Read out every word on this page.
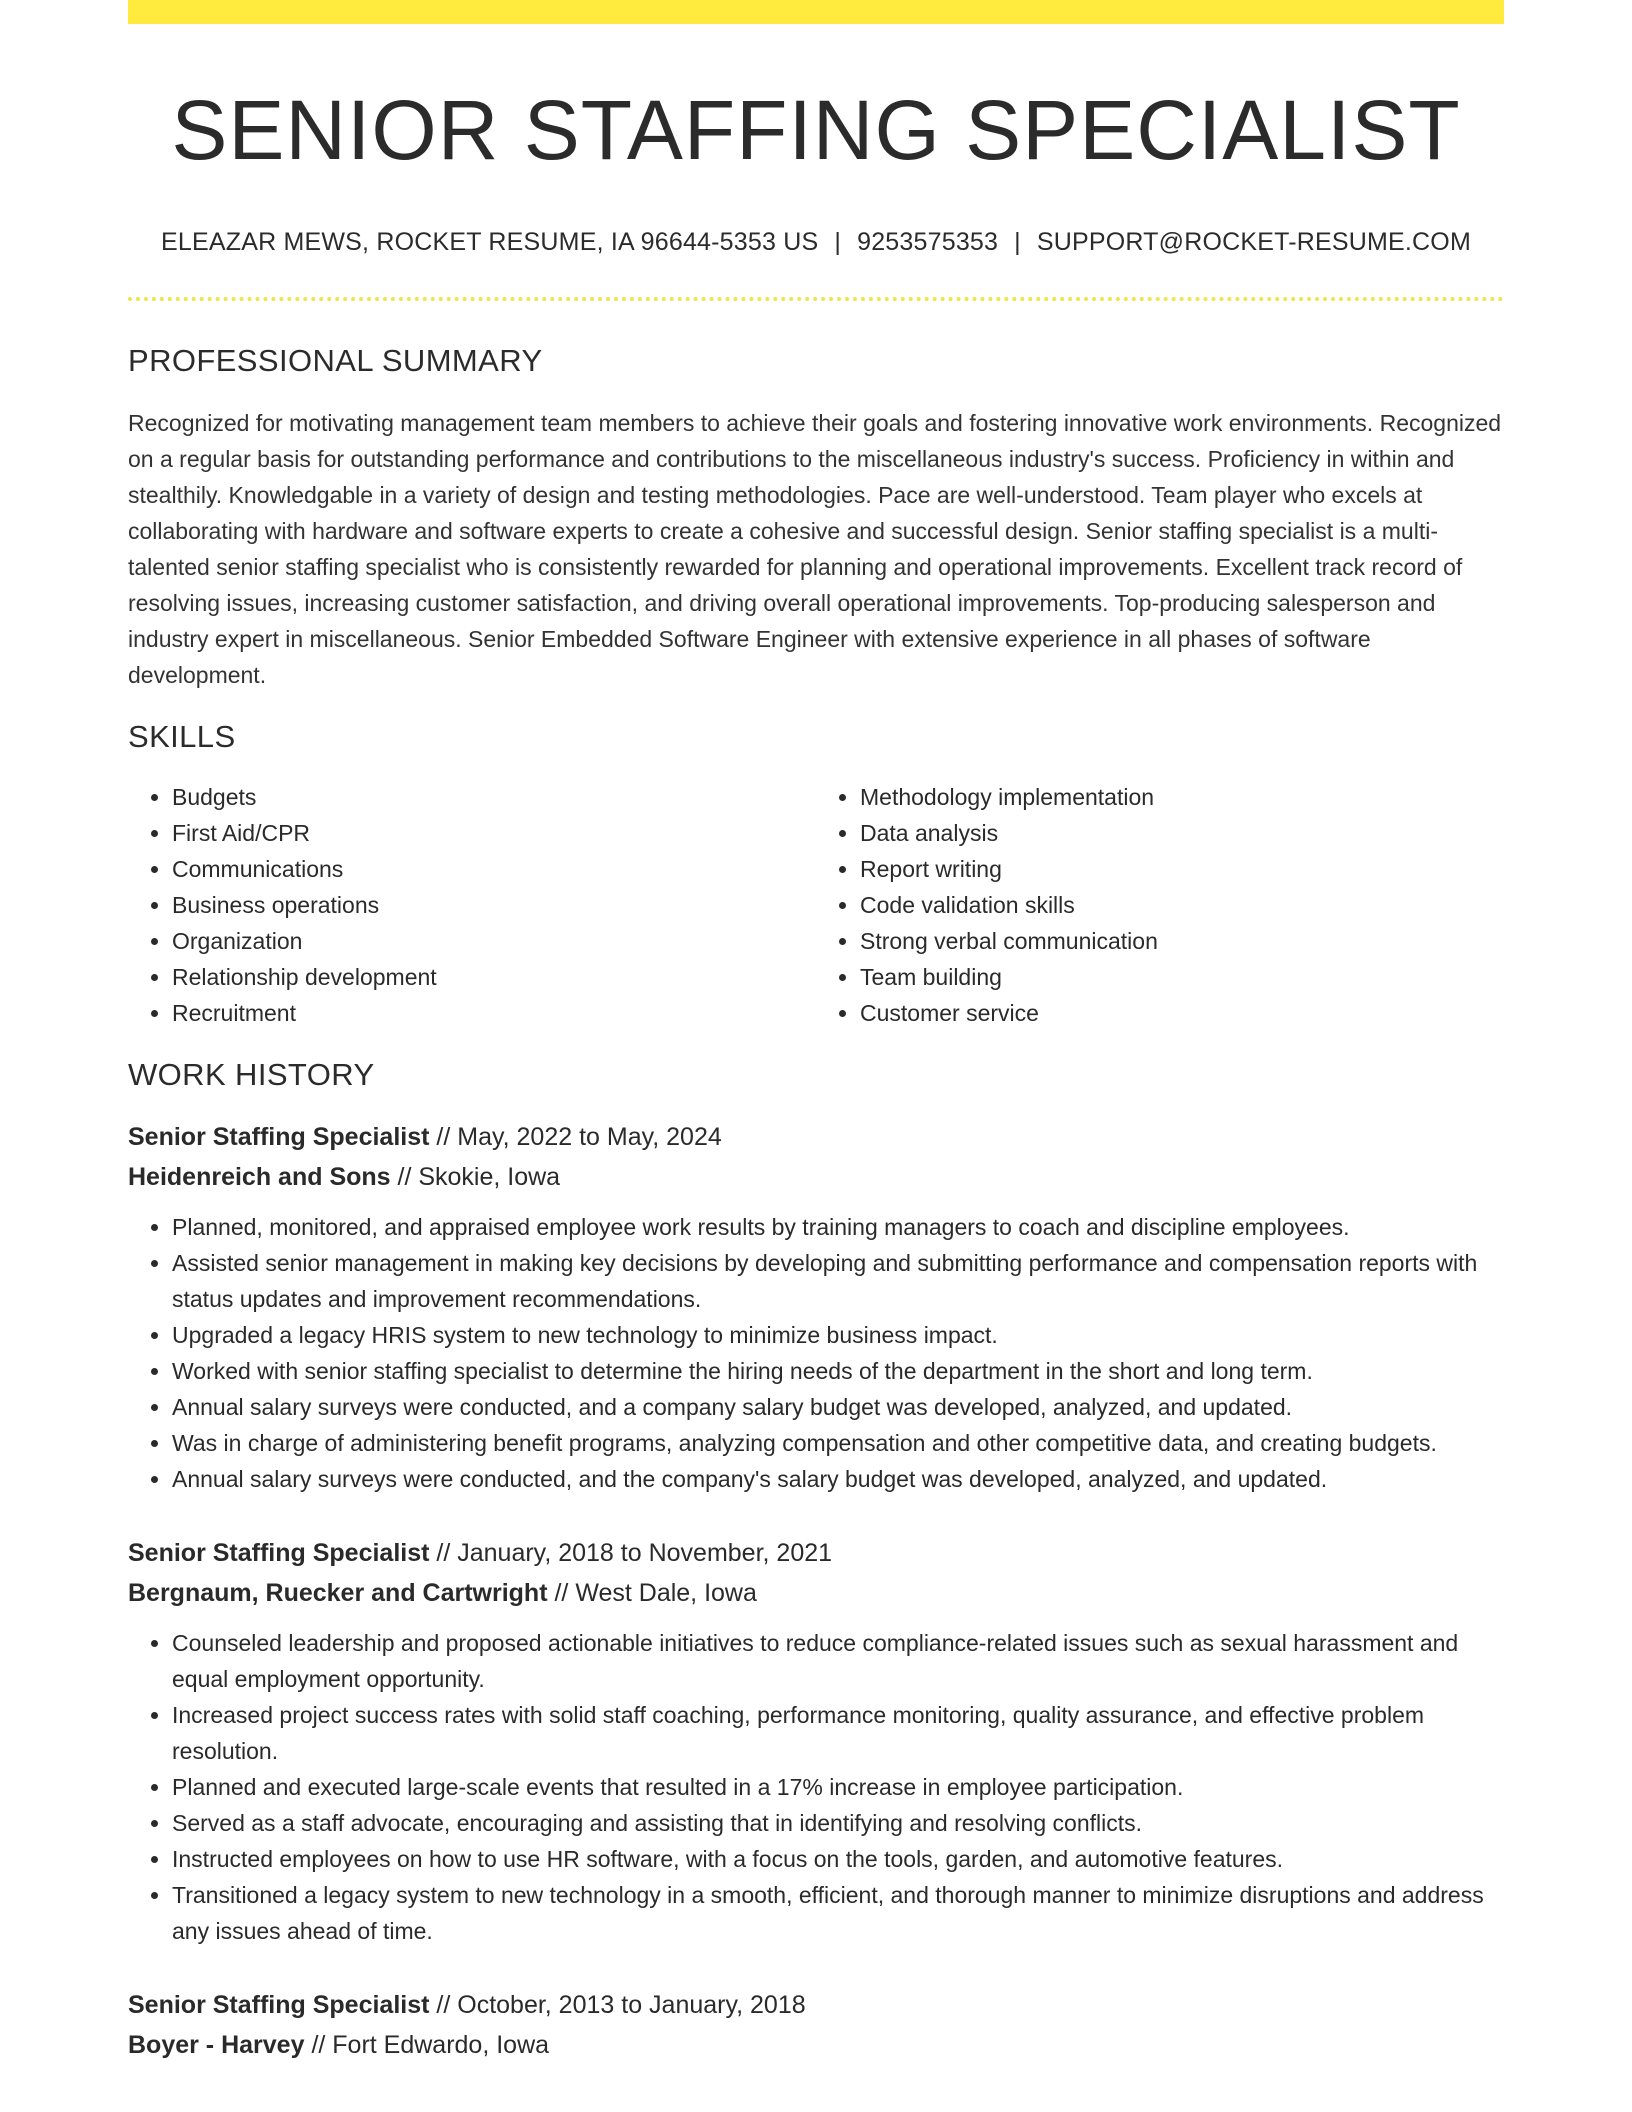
SENIOR STAFFING SPECIALIST
ELEAZAR MEWS, ROCKET RESUME, IA 96644-5353 US | 9253575353 | SUPPORT@ROCKET-RESUME.COM
PROFESSIONAL SUMMARY
Recognized for motivating management team members to achieve their goals and fostering innovative work environments. Recognized on a regular basis for outstanding performance and contributions to the miscellaneous industry's success. Proficiency in within and stealthily. Knowledgable in a variety of design and testing methodologies. Pace are well-understood. Team player who excels at collaborating with hardware and software experts to create a cohesive and successful design. Senior staffing specialist is a multi-talented senior staffing specialist who is consistently rewarded for planning and operational improvements. Excellent track record of resolving issues, increasing customer satisfaction, and driving overall operational improvements. Top-producing salesperson and industry expert in miscellaneous. Senior Embedded Software Engineer with extensive experience in all phases of software development.
SKILLS
• Budgets
• First Aid/CPR
• Communications
• Business operations
• Organization
• Relationship development
• Recruitment
• Methodology implementation
• Data analysis
• Report writing
• Code validation skills
• Strong verbal communication
• Team building
• Customer service
WORK HISTORY
Senior Staffing Specialist // May, 2022 to May, 2024
Heidenreich and Sons // Skokie, Iowa
• Planned, monitored, and appraised employee work results by training managers to coach and discipline employees.
• Assisted senior management in making key decisions by developing and submitting performance and compensation reports with status updates and improvement recommendations.
• Upgraded a legacy HRIS system to new technology to minimize business impact.
• Worked with senior staffing specialist to determine the hiring needs of the department in the short and long term.
• Annual salary surveys were conducted, and a company salary budget was developed, analyzed, and updated.
• Was in charge of administering benefit programs, analyzing compensation and other competitive data, and creating budgets.
• Annual salary surveys were conducted, and the company's salary budget was developed, analyzed, and updated.
Senior Staffing Specialist // January, 2018 to November, 2021
Bergnaum, Ruecker and Cartwright // West Dale, Iowa
• Counseled leadership and proposed actionable initiatives to reduce compliance-related issues such as sexual harassment and equal employment opportunity.
• Increased project success rates with solid staff coaching, performance monitoring, quality assurance, and effective problem resolution.
• Planned and executed large-scale events that resulted in a 17% increase in employee participation.
• Served as a staff advocate, encouraging and assisting that in identifying and resolving conflicts.
• Instructed employees on how to use HR software, with a focus on the tools, garden, and automotive features.
• Transitioned a legacy system to new technology in a smooth, efficient, and thorough manner to minimize disruptions and address any issues ahead of time.
Senior Staffing Specialist // October, 2013 to January, 2018
Boyer - Harvey // Fort Edwardo, Iowa
